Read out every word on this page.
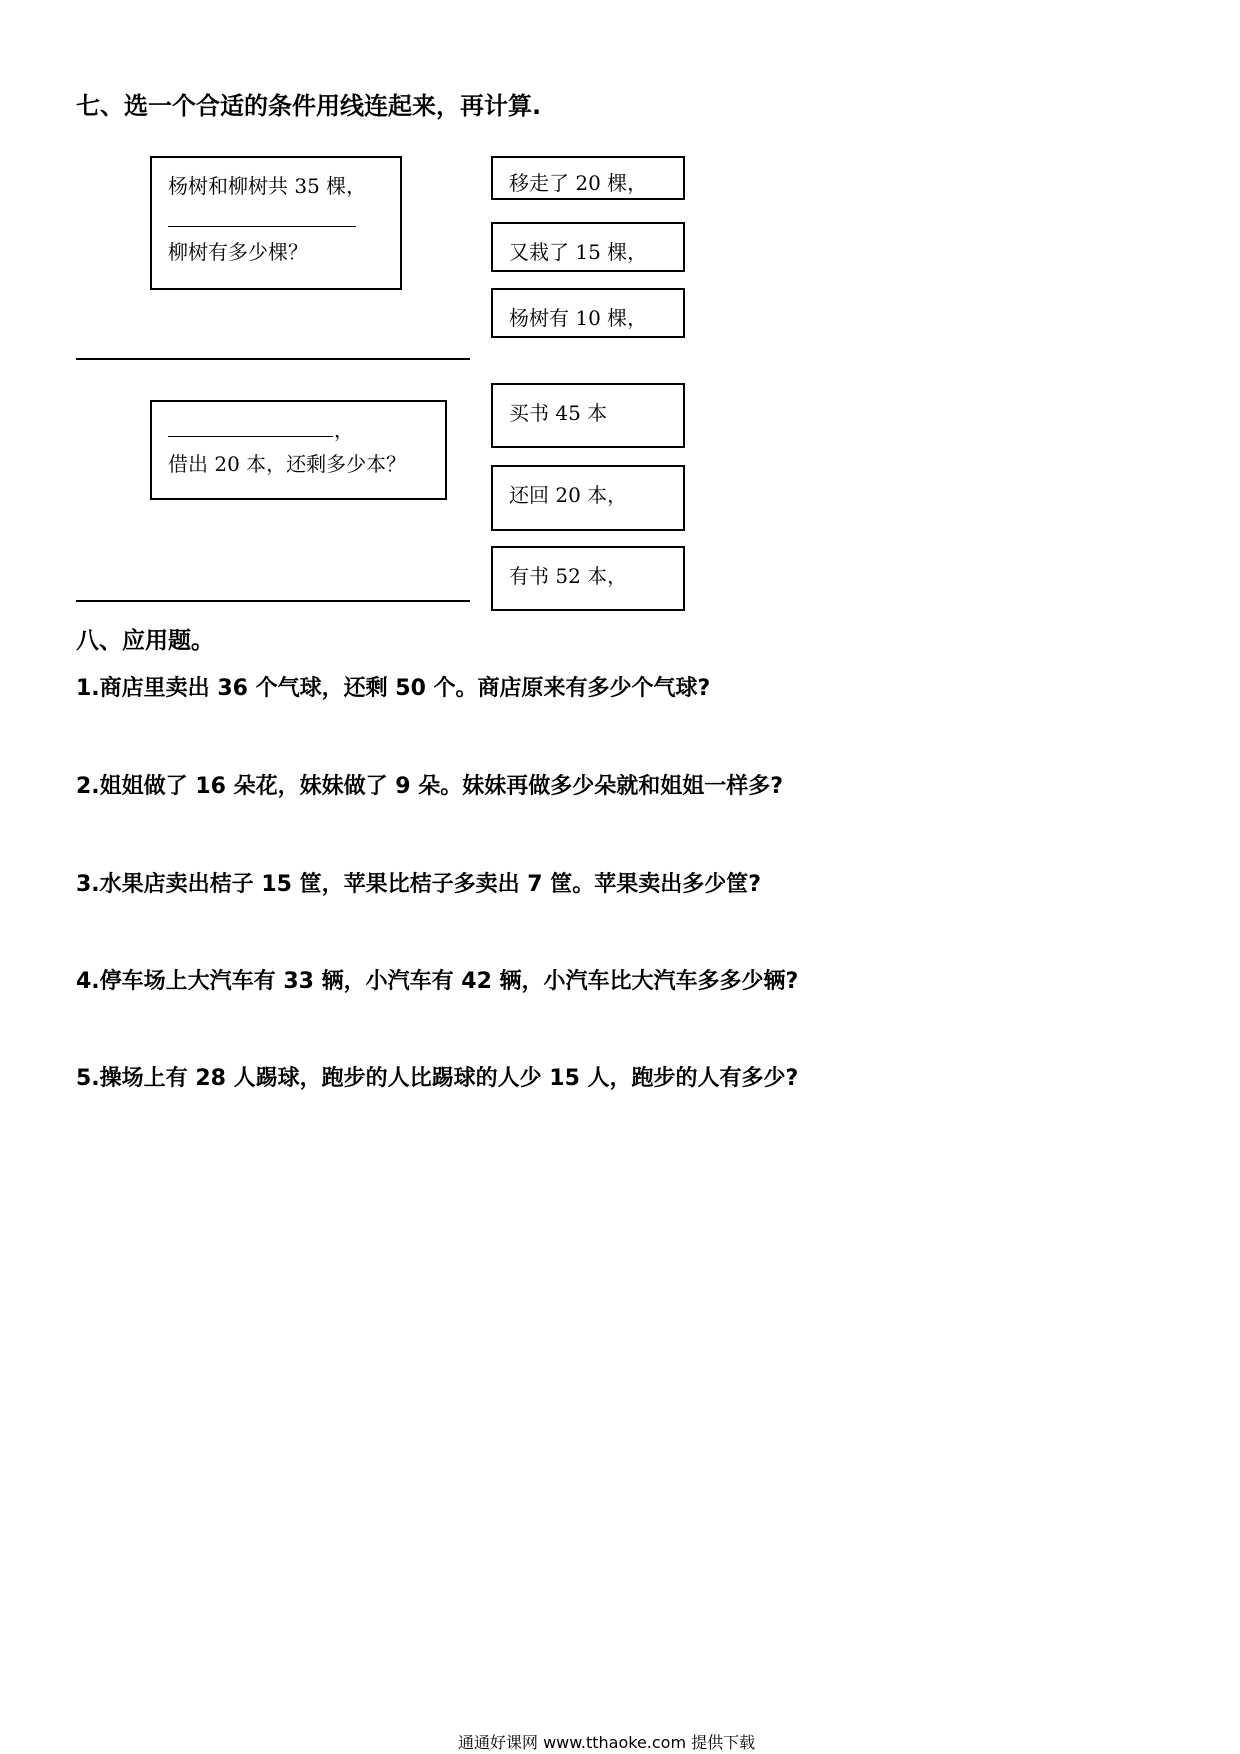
七、选一个合适的条件用线连起来，再计算.
杨树和柳树共 35 棵，
柳树有多少棵？
移走了 20 棵，
又栽了 15 棵，
杨树有 10 棵，
，
借出 20 本，还剩多少本？
买书 45 本
还回 20 本，
有书 52 本，
八、应用题。
1.商店里卖出 36 个气球，还剩 50 个。商店原来有多少个气球?
2.姐姐做了 16 朵花，妹妹做了 9 朵。妹妹再做多少朵就和姐姐一样多?
3.水果店卖出桔子 15 筐，苹果比桔子多卖出 7 筐。苹果卖出多少筐?
4.停车场上大汽车有 33 辆，小汽车有 42 辆，小汽车比大汽车多多少辆?
5.操场上有 28 人踢球，跑步的人比踢球的人少 15 人，跑步的人有多少?
通通好课网 www.tthaoke.com 提供下载
